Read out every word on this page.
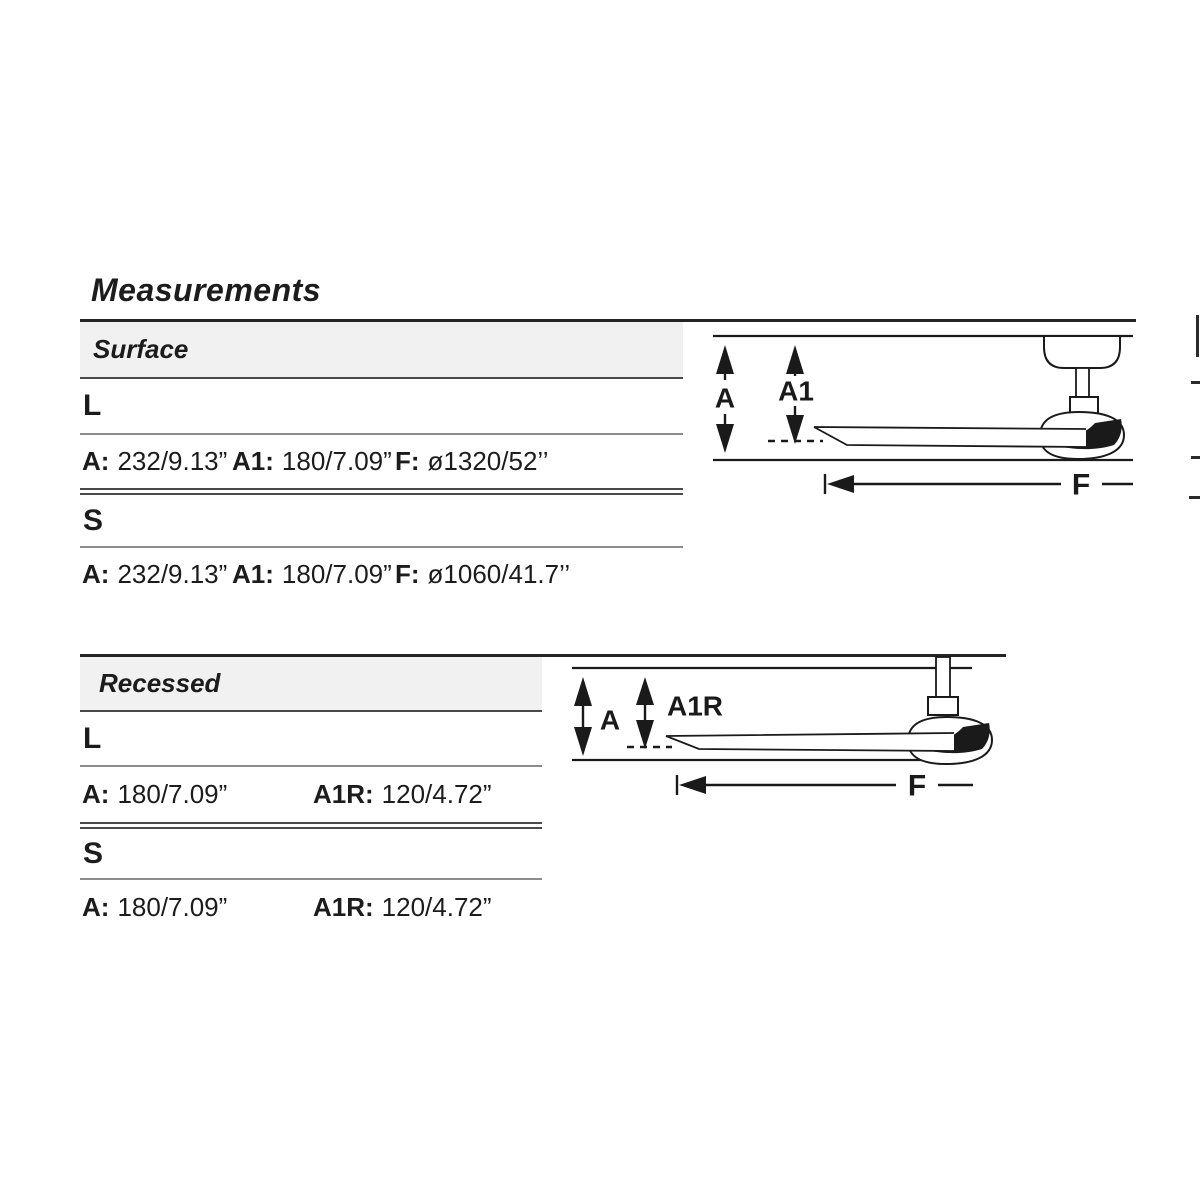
Measurements
Surface
L
A: 232/9.13” A1: 180/7.09” F: ø1320/52’’
S
A: 232/9.13” A1: 180/7.09” F: ø1060/41.7’’
A A1
F
Recessed
L
A: 180/7.09”	A1R: 120/4.72”
S
A: 180/7.09”	A1R: 120/4.72”
A A1R
F
